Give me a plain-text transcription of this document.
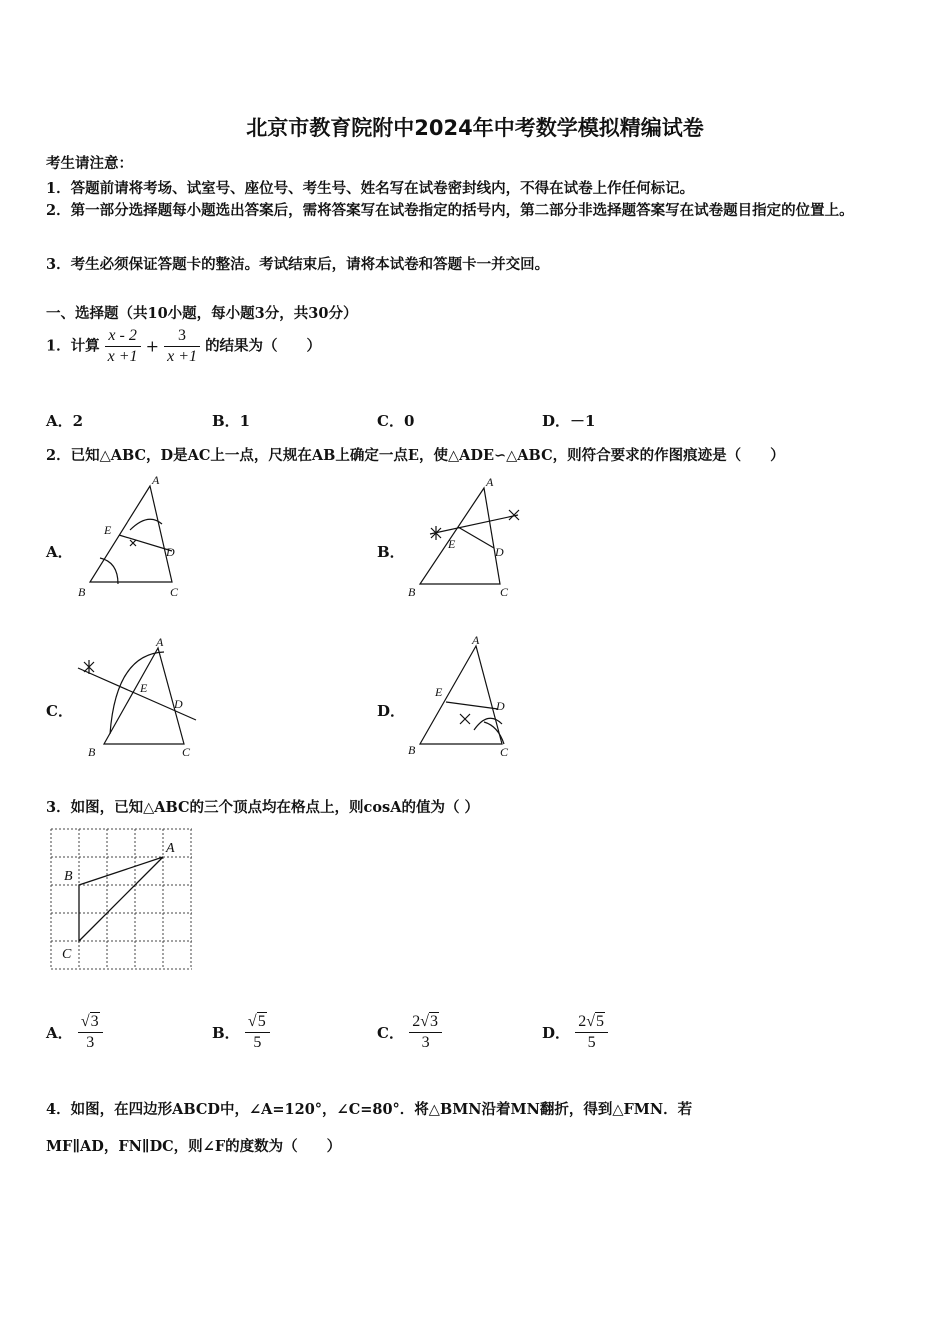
北京市教育院附中2024年中考数学模拟精编试卷
考生请注意：
1．答题前请将考场、试室号、座位号、考生号、姓名写在试卷密封线内，不得在试卷上作任何标记。
2．第一部分选择题每小题选出答案后，需将答案写在试卷指定的括号内，第二部分非选择题答案写在试卷题目指定的位置上。
3．考生必须保证答题卡的整洁。考试结束后，请将本试卷和答题卡一并交回。
一、选择题（共10小题，每小题3分，共30分）
1．计算 $\frac{x - 2}{x +1} + \frac{3}{x +1}$ 的结果为（　　）
A．2	B．1	C．0	D．－1
2．已知△ABC，D是AC上一点，尺规在AB上确定一点E，使△ADE∽△ABC，则符合要求的作图痕迹是（　　）
A．	B．
C．	D．
A
E
D
B	C
A
E
D
B	C
A
E
D
B	C
A
E
D
B	C
3．如图，已知△ABC的三个顶点均在格点上，则cosA的值为（ ）
A
B
C
A． $\frac{√3}{3}$	B． $\frac{√5}{5}$	C． $\frac{2√3}{3}$	D． $\frac{2√5}{5}$
4．如图，在四边形ABCD中，∠A=120°，∠C=80°．将△BMN沿着MN翻折，得到△FMN．若
MF∥AD，FN∥DC，则∠F的度数为（　　）
